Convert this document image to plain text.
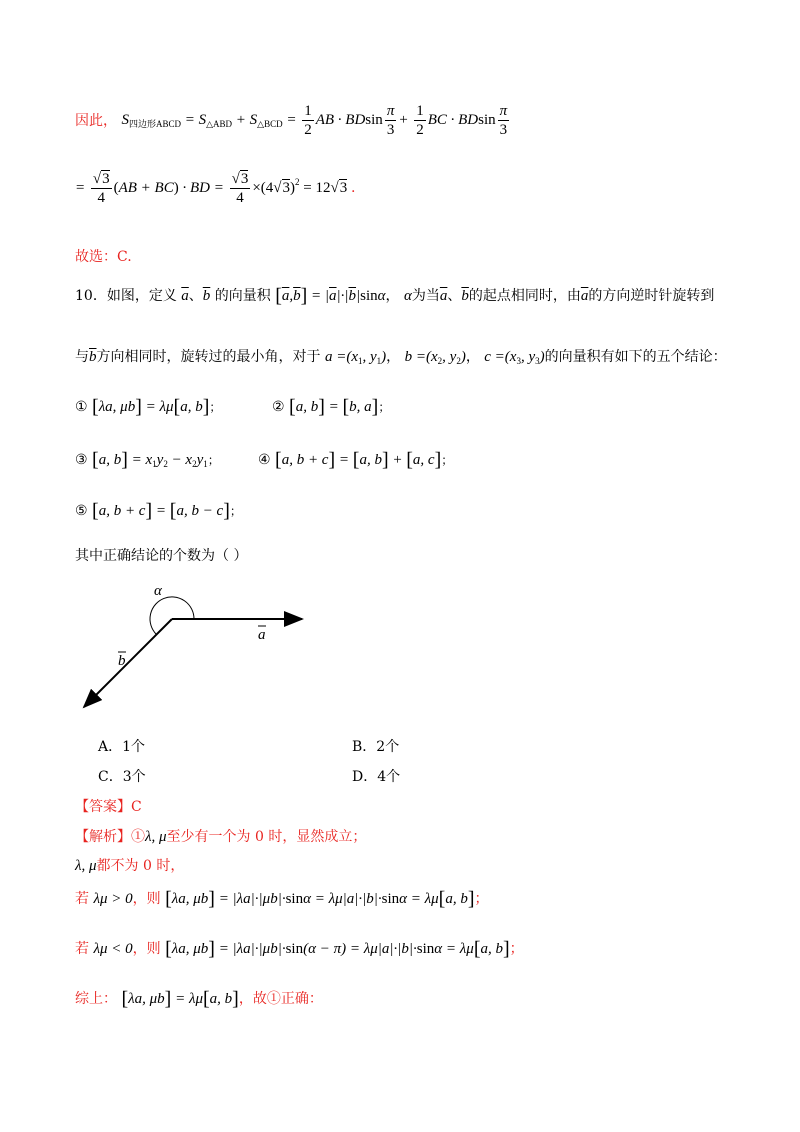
因此， $S_{四边形ABCD} = S_{\triangle ABD} + S_{\triangle BCD} = \frac{1}{2}$ AB · BDsin $\frac{\pi}{3} + \frac{1}{2}$ BC · BDsin $\frac{\pi}{3}$
= $\frac{√3}{4} (AB + BC)$ · BD = $\frac{√3}{4} \times(4√3)^2 = 12√3$ .
故选：C.
10．如图，定义 $\overline{a}$、$\overline{b}$ 的向量积 $[\overline{a},\overline{b}] = |\overline{a}|\cdot|\overline{b}|\sin\alpha$， α为当$\overline{a}$、$\overline{b}$的起点相同时，由$\overline{a}$的方向逆时针旋转到
与$\overline{b}$方向相同时，旋转过的最小角，对于 $a =(x_1$, $y_1$)， $b =(x_2$, $y_2$)， $c =(x_3$, $y_3$)的向量积有如下的五个结论：
① [λa, μb] = λμ[a, b]；	② [a, b] = [b, a]；
③ [a, $b] = x_1y_2 - x_2y_1$；	④ [a, b + c] = [a, b] + [a, c]；
⑤ [a, b + c] = [a, b − c]；
其中正确结论的个数为（ ）
α
a
b
A．1个	B．2个
C．3个	D．4个
【答案】C
【解析】①λ, μ至少有一个为 0 时，显然成立；
λ, μ都不为 0 时，
若 λμ > 0，则 [λa, μb] = |λa|·|μb|·sinα = λμ|a|·|b|·sinα = λμ[a, b]；
若 λμ < 0，则 [λa, μb] = |λa|·|μb|·sin(α − π) = λμ|a|·|b|·sinα = λμ[a, b]；
综上： [λa, μb] = λμ[a, b]，故①正确：
